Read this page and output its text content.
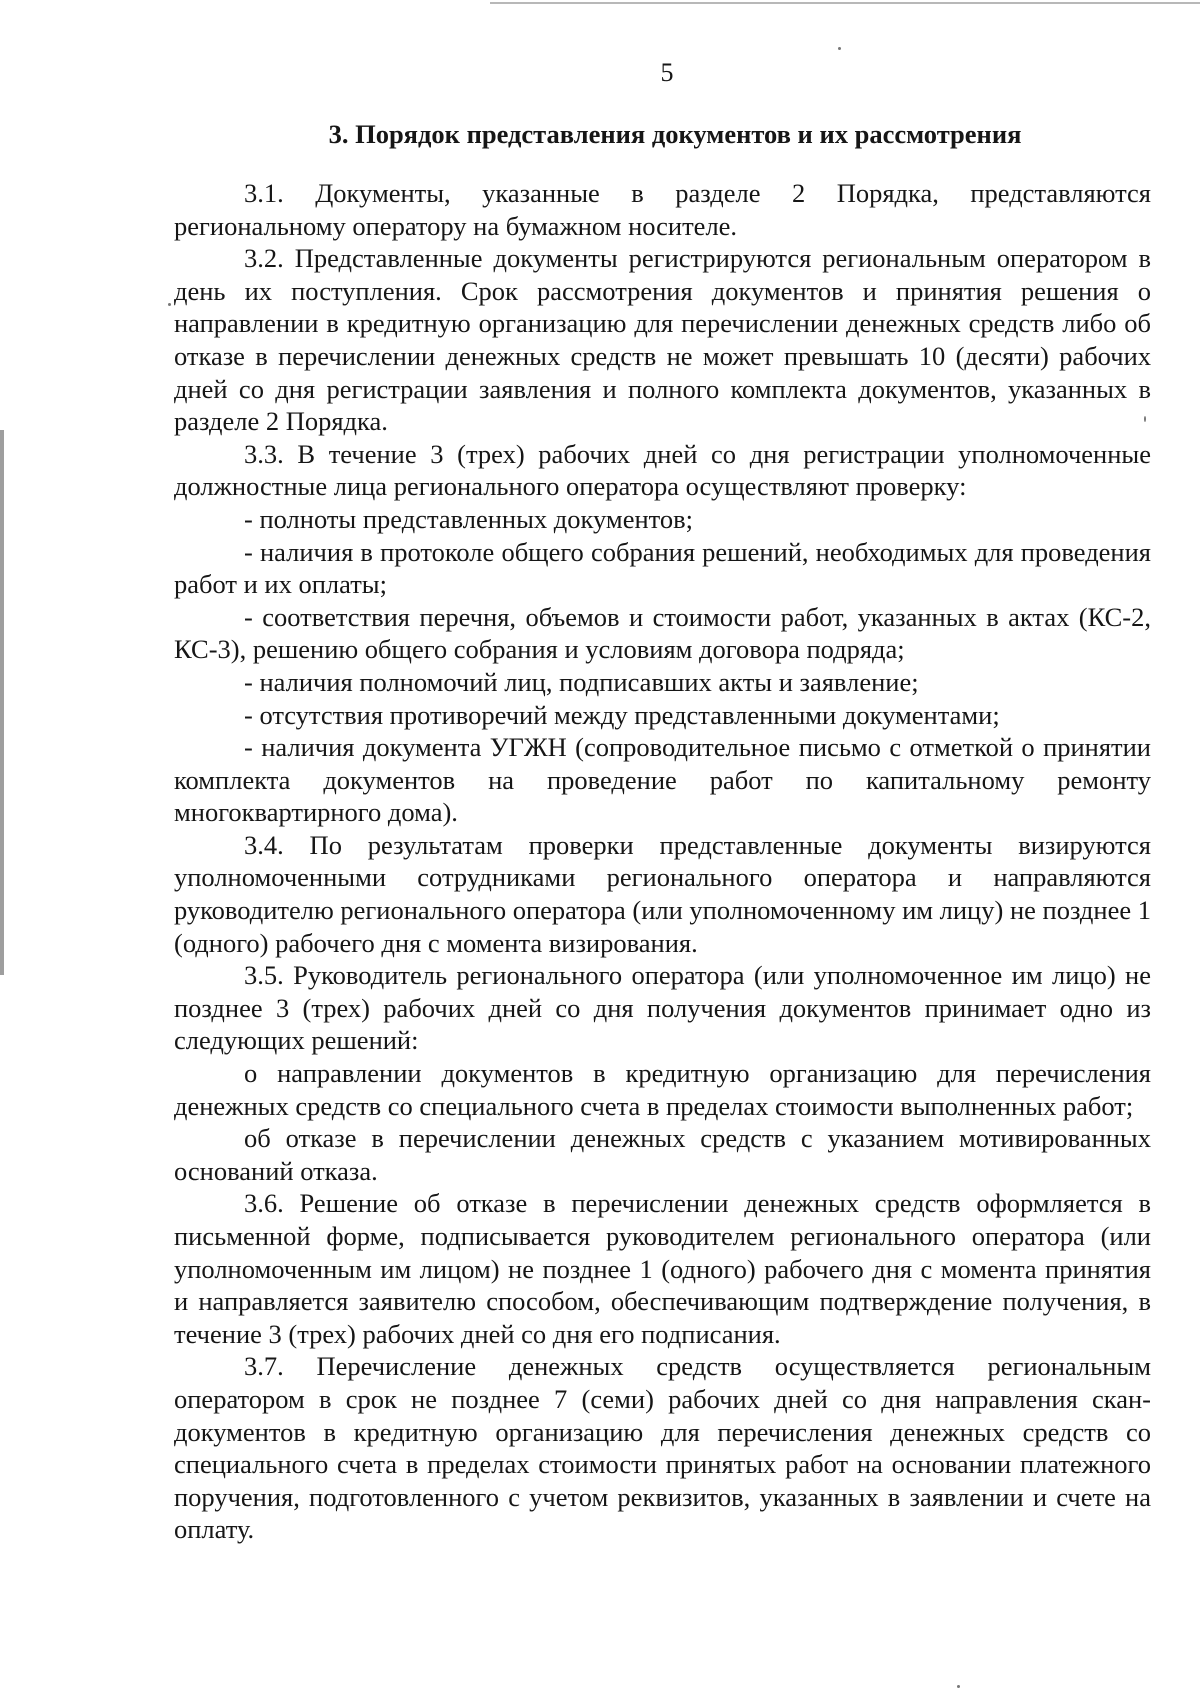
5
3. Порядок представления документов и их рассмотрения

3.1. Документы, указанные в разделе 2 Порядка, представляются региональному оператору на бумажном носителе.

3.2. Представленные документы регистрируются региональным оператором в день их поступления. Срок рассмотрения документов и принятия решения о направлении в кредитную организацию для перечислении денежных средств либо об отказе в перечислении денежных средств не может превышать 10 (десяти) рабочих дней со дня регистрации заявления и полного комплекта документов, указанных в разделе 2 Порядка.

3.3. В течение 3 (трех) рабочих дней со дня регистрации уполномоченные должностные лица регионального оператора осуществляют проверку:

- полноты представленных документов;

- наличия в протоколе общего собрания решений, необходимых для проведения работ и их оплаты;

- соответствия перечня, объемов и стоимости работ, указанных в актах (КС-2, КС-3), решению общего собрания и условиям договора подряда;

- наличия полномочий лиц, подписавших акты и заявление;

- отсутствия противоречий между представленными документами;

- наличия документа УГЖН (сопроводительное письмо с отметкой о принятии комплекта документов на проведение работ по капитальному ремонту многоквартирного дома).

3.4. По результатам проверки представленные документы визируются уполномоченными сотрудниками регионального оператора и направляются руководителю регионального оператора (или уполномоченному им лицу) не позднее 1 (одного) рабочего дня с момента визирования.

3.5. Руководитель регионального оператора (или уполномоченное им лицо) не позднее 3 (трех) рабочих дней со дня получения документов принимает одно из следующих решений:

о направлении документов в кредитную организацию для перечисления денежных средств со специального счета в пределах стоимости выполненных работ;

об отказе в перечислении денежных средств с указанием мотивированных оснований отказа.

3.6. Решение об отказе в перечислении денежных средств оформляется в письменной форме, подписывается руководителем регионального оператора (или уполномоченным им лицом) не позднее 1 (одного) рабочего дня с момента принятия и направляется заявителю способом, обеспечивающим подтверждение получения, в течение 3 (трех) рабочих дней со дня его подписания.

3.7. Перечисление денежных средств осуществляется региональным оператором в срок не позднее 7 (семи) рабочих дней со дня направления скан-документов в кредитную организацию для перечисления денежных средств со специального счета в пределах стоимости принятых работ на основании платежного поручения, подготовленного с учетом реквизитов, указанных в заявлении и счете на оплату.
